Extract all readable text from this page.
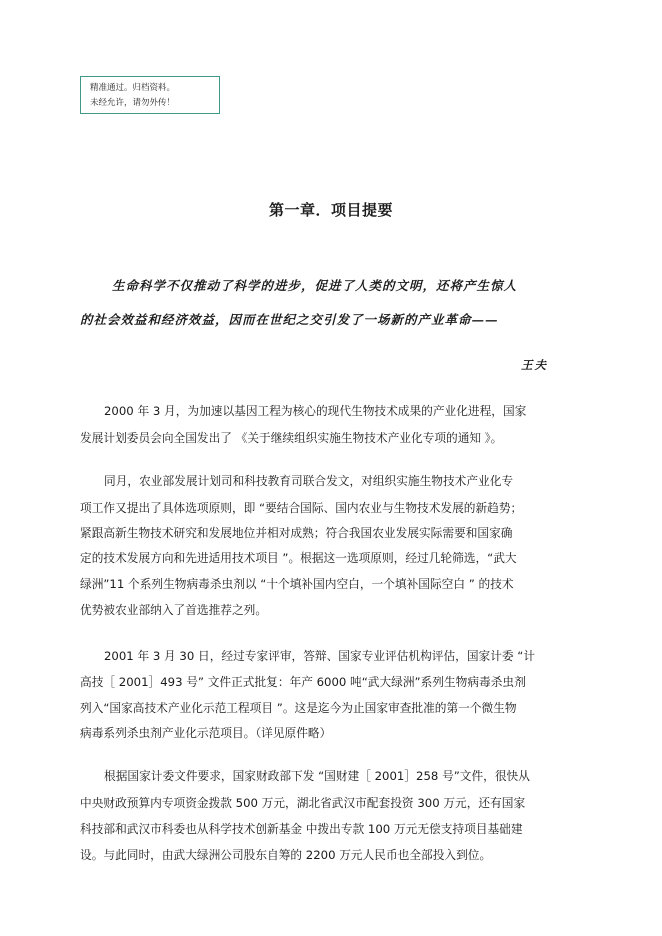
精准通过。归档资料。
未经允许，请勿外传！
第一章．项目提要
生命科学不仅推动了科学的进步，促进了人类的文明，还将产生惊人
的社会效益和经济效益，因而在世纪之交引发了一场新的产业革命——
王夫
2000 年 3 月，为加速以基因工程为核心的现代生物技术成果的产业化进程，国家
发展计划委员会向全国发出了 《关于继续组织实施生物技术产业化专项的通知 》。
同月，农业部发展计划司和科技教育司联合发文，对组织实施生物技术产业化专
项工作又提出了具体选项原则，即 “要结合国际、国内农业与生物技术发展的新趋势；
紧跟高新生物技术研究和发展地位并相对成熟；符合我国农业发展实际需要和国家确
定的技术发展方向和先进适用技术项目 ”。根据这一选项原则，经过几轮筛选，“武大
绿洲”11 个系列生物病毒杀虫剂以 “十个填补国内空白，一个填补国际空白 ” 的技术
优势被农业部纳入了首选推荐之列。
2001 年 3 月 30 日，经过专家评审，答辩、国家专业评估机构评估，国家计委 “计
高技［ 2001］493 号” 文件正式批复：年产 6000 吨“武大绿洲”系列生物病毒杀虫剂
列入“国家高技术产业化示范工程项目 ”。这是迄今为止国家审查批准的第一个微生物
病毒系列杀虫剂产业化示范项目。（详见原件略）
根据国家计委文件要求，国家财政部下发 “国财建［ 2001］258 号”文件，很快从
中央财政预算内专项资金拨款 500 万元，湖北省武汉市配套投资 300 万元，还有国家
科技部和武汉市科委也从科学技术创新基金 中拨出专款 100 万元无偿支持项目基础建
设。与此同时，由武大绿洲公司股东自筹的 2200 万元人民币也全部投入到位。
